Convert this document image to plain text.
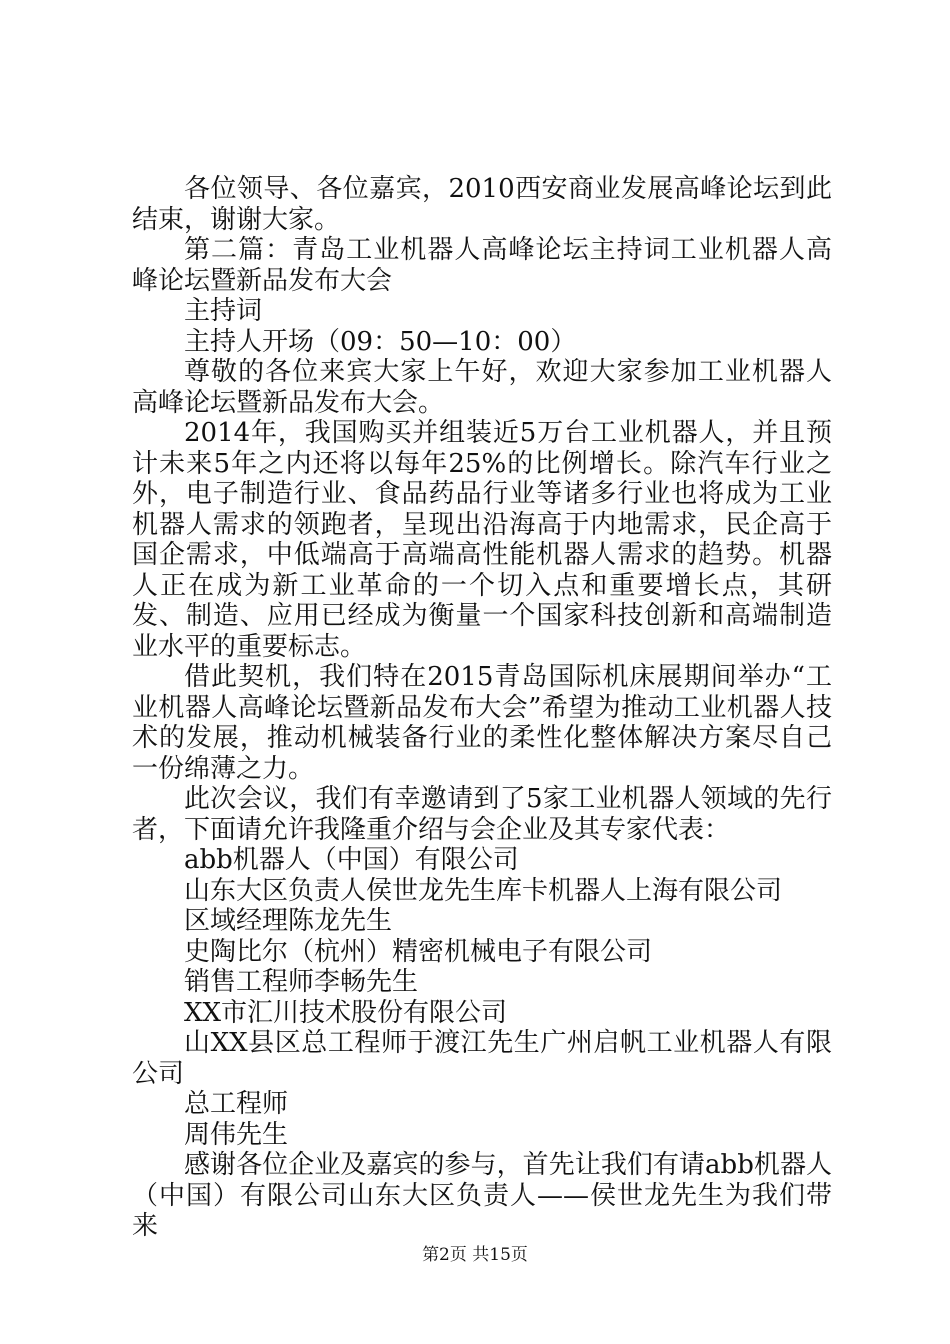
各位领导、各位嘉宾，2010西安商业发展高峰论坛到此结束，谢谢大家。

第二篇：青岛工业机器人高峰论坛主持词工业机器人高峰论坛暨新品发布大会

主持词

主持人开场（09：50—10：00）

尊敬的各位来宾大家上午好，欢迎大家参加工业机器人高峰论坛暨新品发布大会。

2014年，我国购买并组装近5万台工业机器人，并且预计未来5年之内还将以每年25%的比例增长。除汽车行业之外，电子制造行业、食品药品行业等诸多行业也将成为工业机器人需求的领跑者，呈现出沿海高于内地需求，民企高于国企需求，中低端高于高端高性能机器人需求的趋势。机器人正在成为新工业革命的一个切入点和重要增长点，其研发、制造、应用已经成为衡量一个国家科技创新和高端制造业水平的重要标志。

借此契机，我们特在2015青岛国际机床展期间举办“工业机器人高峰论坛暨新品发布大会”希望为推动工业机器人技术的发展，推动机械装备行业的柔性化整体解决方案尽自己一份绵薄之力。

此次会议，我们有幸邀请到了5家工业机器人领域的先行者，下面请允许我隆重介绍与会企业及其专家代表：

abb机器人（中国）有限公司

山东大区负责人侯世龙先生库卡机器人上海有限公司

区域经理陈龙先生

史陶比尔（杭州）精密机械电子有限公司

销售工程师李畅先生

XX市汇川技术股份有限公司

山XX县区总工程师于渡江先生广州启帆工业机器人有限公司

总工程师

周伟先生

感谢各位企业及嘉宾的参与，首先让我们有请abb机器人（中国）有限公司山东大区负责人——侯世龙先生为我们带来

第2页 共15页
